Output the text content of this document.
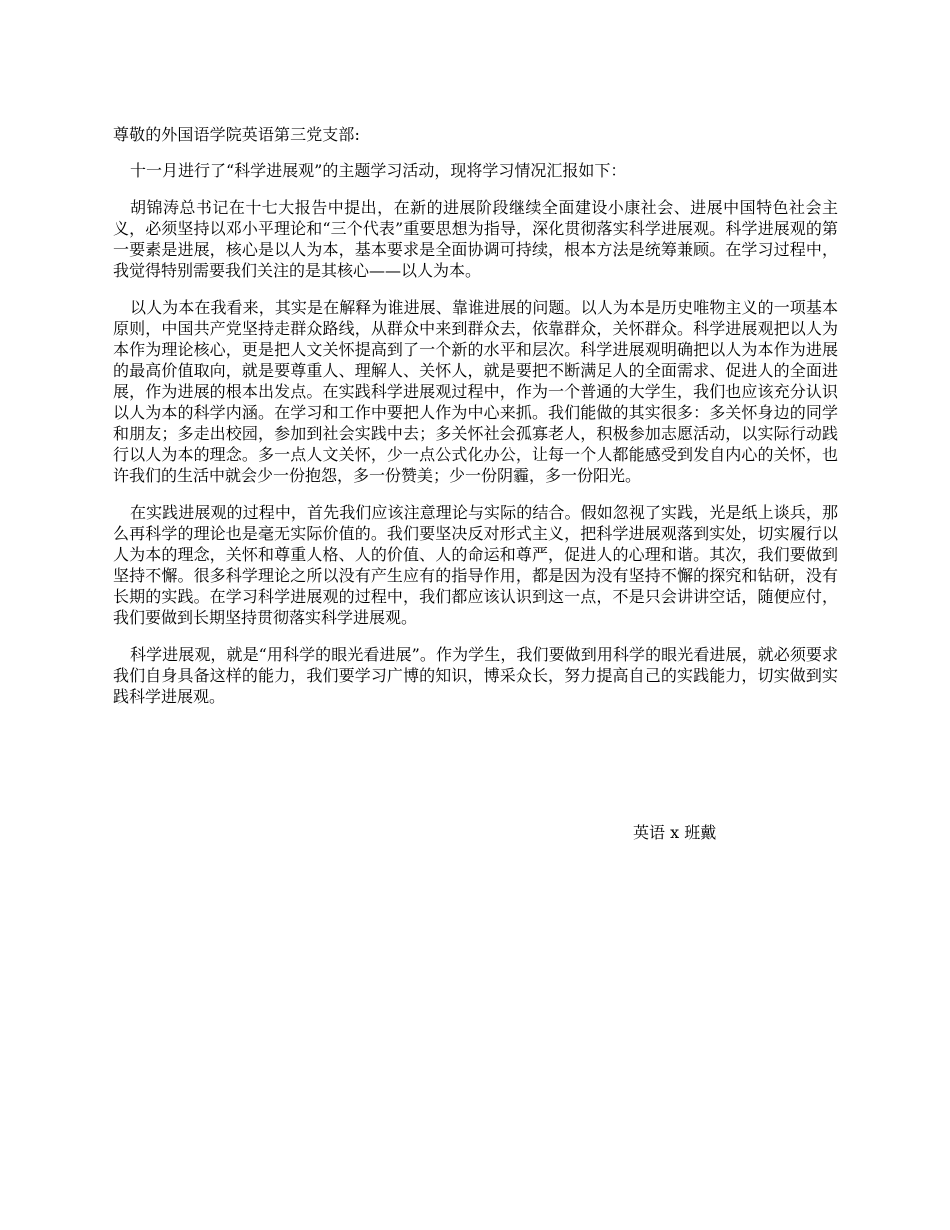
尊敬的外国语学院英语第三党支部:

十一月进行了“科学进展观”的主题学习活动，现将学习情况汇报如下：

胡锦涛总书记在十七大报告中提出，在新的进展阶段继续全面建设小康社会、进展中国特色社会主义，必须坚持以邓小平理论和“三个代表”重要思想为指导，深化贯彻落实科学进展观。科学进展观的第一要素是进展，核心是以人为本，基本要求是全面协调可持续，根本方法是统筹兼顾。在学习过程中，我觉得特别需要我们关注的是其核心——以人为本。

以人为本在我看来，其实是在解释为谁进展、靠谁进展的问题。以人为本是历史唯物主义的一项基本原则，中国共产党坚持走群众路线，从群众中来到群众去，依靠群众，关怀群众。科学进展观把以人为本作为理论核心，更是把人文关怀提高到了一个新的水平和层次。科学进展观明确把以人为本作为进展的最高价值取向，就是要尊重人、理解人、关怀人，就是要把不断满足人的全面需求、促进人的全面进展，作为进展的根本出发点。在实践科学进展观过程中，作为一个普通的大学生，我们也应该充分认识以人为本的科学内涵。在学习和工作中要把人作为中心来抓。我们能做的其实很多：多关怀身边的同学和朋友；多走出校园，参加到社会实践中去；多关怀社会孤寡老人，积极参加志愿活动，以实际行动践行以人为本的理念。多一点人文关怀，少一点公式化办公，让每一个人都能感受到发自内心的关怀，也许我们的生活中就会少一份抱怨，多一份赞美；少一份阴霾，多一份阳光。

在实践进展观的过程中，首先我们应该注意理论与实际的结合。假如忽视了实践，光是纸上谈兵，那么再科学的理论也是毫无实际价值的。我们要坚决反对形式主义，把科学进展观落到实处，切实履行以人为本的理念，关怀和尊重人格、人的价值、人的命运和尊严，促进人的心理和谐。其次，我们要做到坚持不懈。很多科学理论之所以没有产生应有的指导作用，都是因为没有坚持不懈的探究和钻研，没有长期的实践。在学习科学进展观的过程中，我们都应该认识到这一点，不是只会讲讲空话，随便应付，我们要做到长期坚持贯彻落实科学进展观。

科学进展观，就是“用科学的眼光看进展”。作为学生，我们要做到用科学的眼光看进展，就必须要求我们自身具备这样的能力，我们要学习广博的知识，博采众长，努力提高自己的实践能力，切实做到实践科学进展观。

英语 x 班戴
